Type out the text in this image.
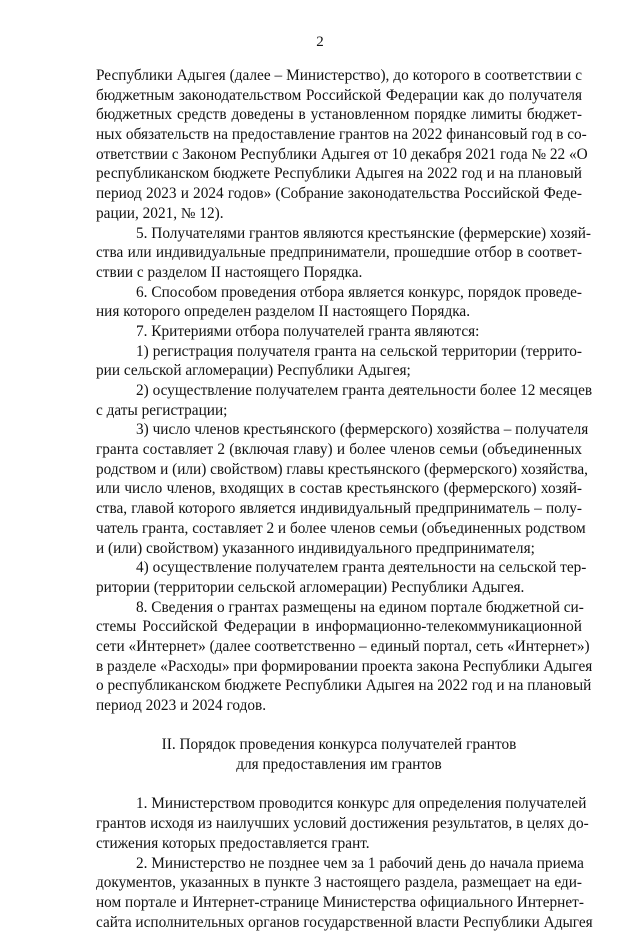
2
Республики Адыгея (далее – Министерство), до которого в соответствии с
бюджетным законодательством Российской Федерации как до получателя
бюджетных средств доведены в установленном порядке лимиты бюджет-
ных обязательств на предоставление грантов на 2022 финансовый год в со-
ответствии с Законом Республики Адыгея от 10 декабря 2021 года № 22 «О
республиканском бюджете Республики Адыгея на 2022 год и на плановый
период 2023 и 2024 годов» (Собрание законодательства Российской Феде-
рации, 2021, № 12).
5. Получателями грантов являются крестьянские (фермерские) хозяй-
ства или индивидуальные предприниматели, прошедшие отбор в соответ-
ствии с разделом II настоящего Порядка.
6. Способом проведения отбора является конкурс, порядок проведе-
ния которого определен разделом II настоящего Порядка.
7. Критериями отбора получателей гранта являются:
1) регистрация получателя гранта на сельской территории (террито-
рии сельской агломерации) Республики Адыгея;
2) осуществление получателем гранта деятельности более 12 месяцев
с даты регистрации;
3) число членов крестьянского (фермерского) хозяйства – получателя
гранта составляет 2 (включая главу) и более членов семьи (объединенных
родством и (или) свойством) главы крестьянского (фермерского) хозяйства,
или число членов, входящих в состав крестьянского (фермерского) хозяй-
ства, главой которого является индивидуальный предприниматель – полу-
чатель гранта, составляет 2 и более членов семьи (объединенных родством
и (или) свойством) указанного индивидуального предпринимателя;
4) осуществление получателем гранта деятельности на сельской тер-
ритории (территории сельской агломерации) Республики Адыгея.
8. Сведения о грантах размещены на едином портале бюджетной си-
стемы Российской Федерации в информационно-телекоммуникационной
сети «Интернет» (далее соответственно – единый портал, сеть «Интернет»)
в разделе «Расходы» при формировании проекта закона Республики Адыгея
о республиканском бюджете Республики Адыгея на 2022 год и на плановый
период 2023 и 2024 годов.
II. Порядок проведения конкурса получателей грантов
для предоставления им грантов
1. Министерством проводится конкурс для определения получателей
грантов исходя из наилучших условий достижения результатов, в целях до-
стижения которых предоставляется грант.
2. Министерство не позднее чем за 1 рабочий день до начала приема
документов, указанных в пункте 3 настоящего раздела, размещает на еди-
ном портале и Интернет-странице Министерства официального Интернет-
сайта исполнительных органов государственной власти Республики Адыгея
